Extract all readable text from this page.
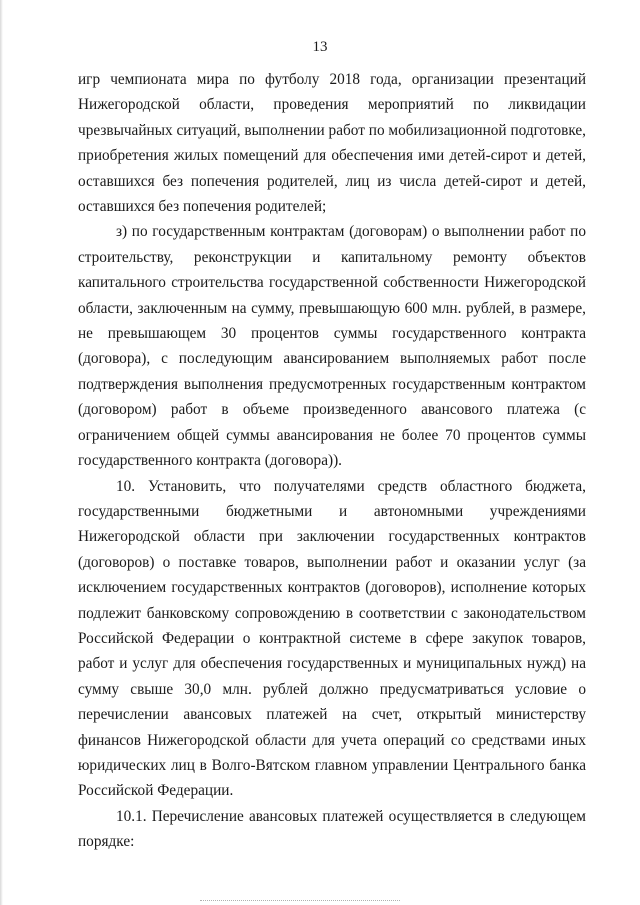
13

игр чемпионата мира по футболу 2018 года, организации презентаций Нижегородской области, проведения мероприятий по ликвидации чрезвычайных ситуаций, выполнении работ по мобилизационной подготовке, приобретения жилых помещений для обеспечения ими детей-сирот и детей, оставшихся без попечения родителей, лиц из числа детей-сирот и детей, оставшихся без попечения родителей;

з) по государственным контрактам (договорам) о выполнении работ по строительству, реконструкции и капитальному ремонту объектов капитального строительства государственной собственности Нижегородской области, заключенным на сумму, превышающую 600 млн. рублей, в размере, не превышающем 30 процентов суммы государственного контракта (договора), с последующим авансированием выполняемых работ после подтверждения выполнения предусмотренных государственным контрактом (договором) работ в объеме произведенного авансового платежа (с ограничением общей суммы авансирования не более 70 процентов суммы государственного контракта (договора)).

10. Установить, что получателями средств областного бюджета, государственными бюджетными и автономными учреждениями Нижегородской области при заключении государственных контрактов (договоров) о поставке товаров, выполнении работ и оказании услуг (за исключением государственных контрактов (договоров), исполнение которых подлежит банковскому сопровождению в соответствии с законодательством Российской Федерации о контрактной системе в сфере закупок товаров, работ и услуг для обеспечения государственных и муниципальных нужд) на сумму свыше 30,0 млн. рублей должно предусматриваться условие о перечислении авансовых платежей на счет, открытый министерству финансов Нижегородской области для учета операций со средствами иных юридических лиц в Волго-Вятском главном управлении Центрального банка Российской Федерации.

10.1. Перечисление авансовых платежей осуществляется в следующем порядке:
